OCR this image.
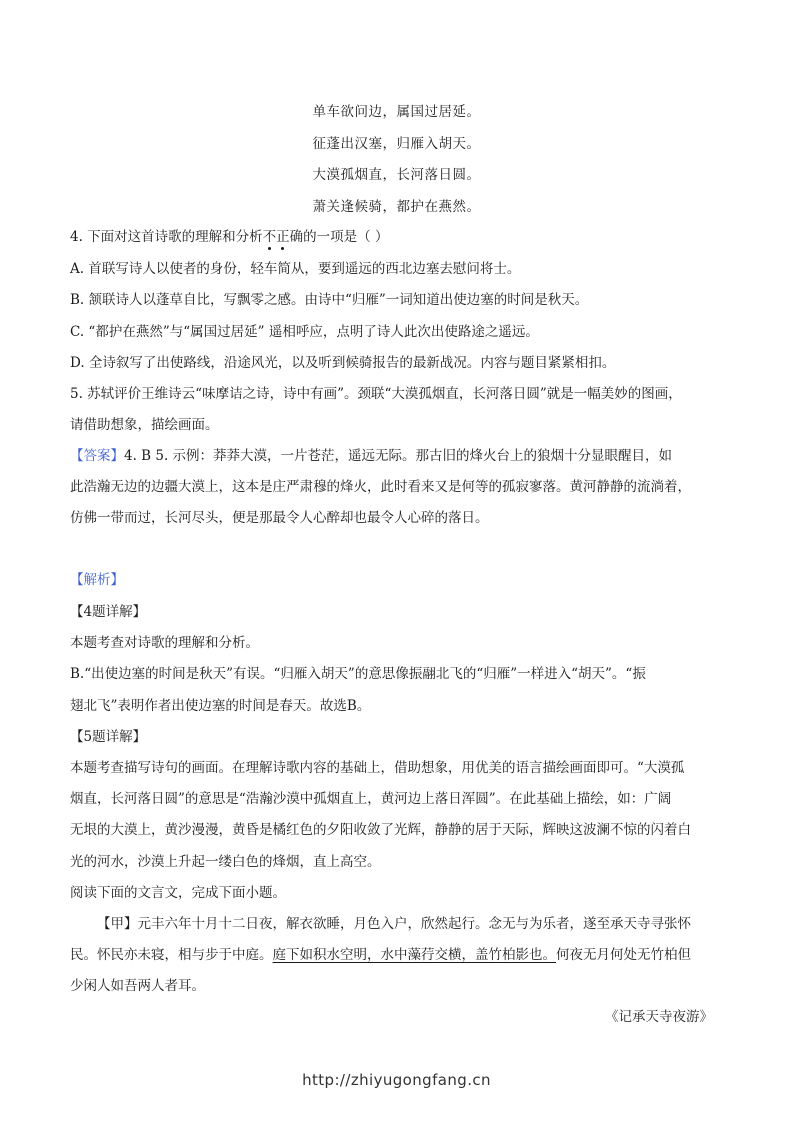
单车欲问边，属国过居延。
征蓬出汉塞，归雁入胡天。
大漠孤烟直，长河落日圆。
萧关逢候骑，都护在燕然。
4. 下面对这首诗歌的理解和分析不正确的一项是（ ）
A. 首联写诗人以使者的身份，轻车简从，要到遥远的西北边塞去慰问将士。
B. 颔联诗人以蓬草自比，写飘零之感。由诗中“归雁”一词知道出使边塞的时间是秋天。
C. “都护在燕然”与“属国过居延” 遥相呼应，点明了诗人此次出使路途之遥远。
D. 全诗叙写了出使路线，沿途风光，以及听到候骑报告的最新战况。内容与题目紧紧相扣。
5. 苏轼评价王维诗云“味摩诘之诗，诗中有画”。颈联“大漠孤烟直，长河落日圆”就是一幅美妙的图画，
请借助想象，描绘画面。
【答案】4. B 5. 示例：莽莽大漠，一片苍茫，遥远无际。那古旧的烽火台上的狼烟十分显眼醒目，如
此浩瀚无边的边疆大漠上，这本是庄严肃穆的烽火，此时看来又是何等的孤寂寥落。黄河静静的流淌着，
仿佛一带而过，长河尽头，便是那最令人心醉却也最令人心碎的落日。
【解析】
【4题详解】
本题考查对诗歌的理解和分析。
B.“出使边塞的时间是秋天”有误。“归雁入胡天”的意思像振翮北飞的“归雁”一样进入“胡天”。“振
翅北飞”表明作者出使边塞的时间是春天。故选B。
【5题详解】
本题考查描写诗句的画面。在理解诗歌内容的基础上，借助想象，用优美的语言描绘画面即可。“大漠孤
烟直，长河落日圆”的意思是“浩瀚沙漠中孤烟直上，黄河边上落日浑圆”。在此基础上描绘，如：广阔
无垠的大漠上，黄沙漫漫，黄昏是橘红色的夕阳收敛了光辉，静静的居于天际，辉映这波澜不惊的闪着白
光的河水，沙漠上升起一缕白色的烽烟，直上高空。
阅读下面的文言文，完成下面小题。
【甲】元丰六年十月十二日夜，解衣欲睡，月色入户，欣然起行。念无与为乐者，遂至承天寺寻张怀
民。怀民亦未寝，相与步于中庭。庭下如积水空明，水中藻荇交横，盖竹柏影也。何夜无月何处无竹柏但
少闲人如吾两人者耳。
《记承天寺夜游》
http://zhiyugongfang.cn
